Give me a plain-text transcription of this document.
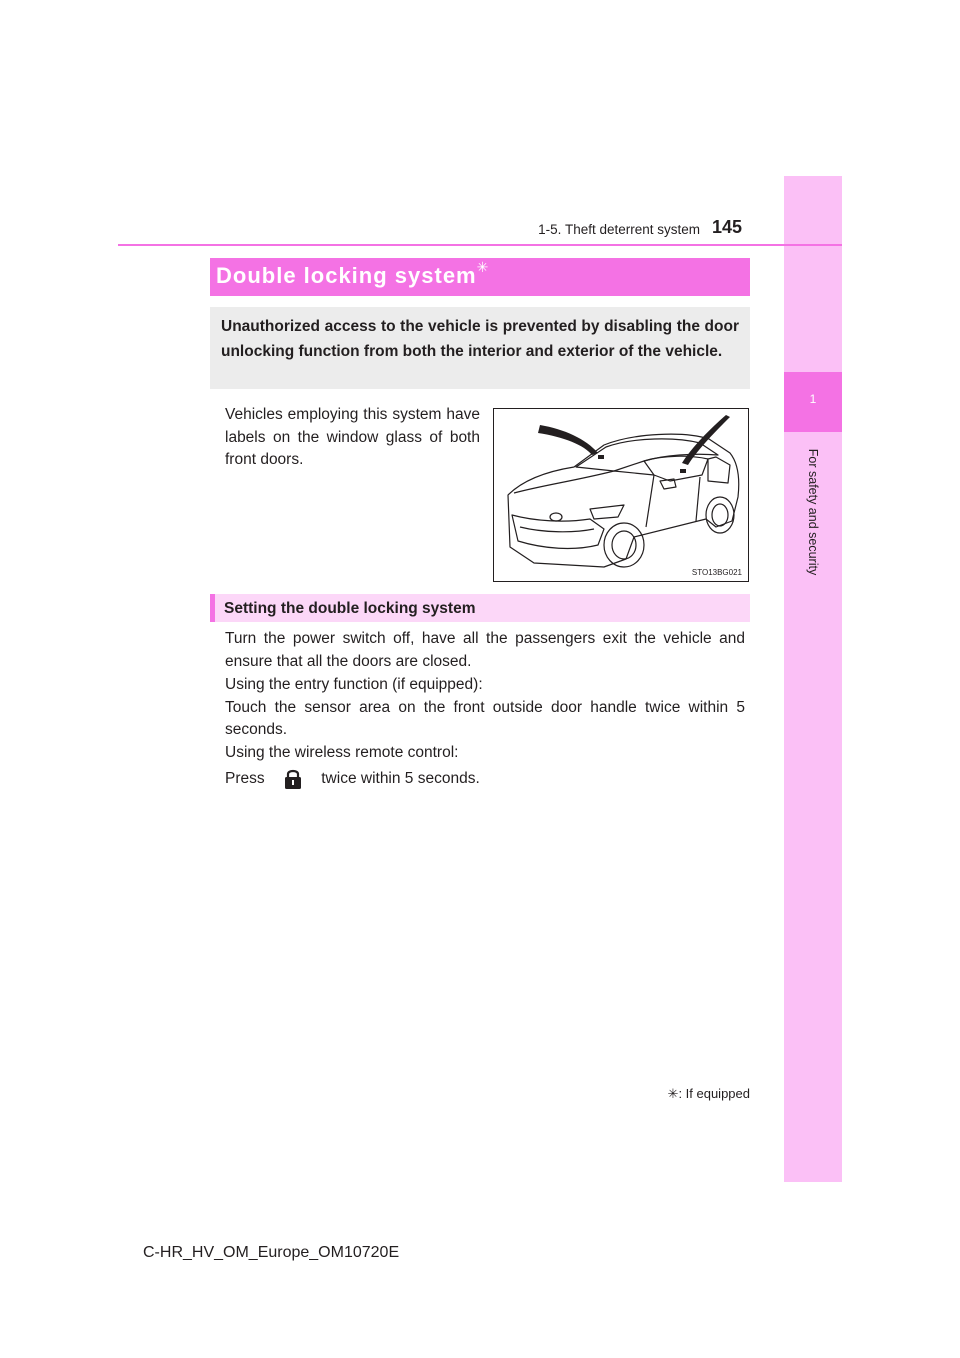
1
For safety and security
1-5. Theft deterrent system 145
Double locking system✳
Unauthorized access to the vehicle is prevented by disabling the door unlocking function from both the interior and exterior of the vehicle.
Vehicles employing this system have labels on the window glass of both front doors.
STO13BG021
Setting the double locking system
Turn the power switch off, have all the passengers exit the vehicle and ensure that all the doors are closed.
Using the entry function (if equipped):
Touch the sensor area on the front outside door handle twice within 5 seconds.
Using the wireless remote control:
Press	twice within 5 seconds.
✳: If equipped
C-HR_HV_OM_Europe_OM10720E
